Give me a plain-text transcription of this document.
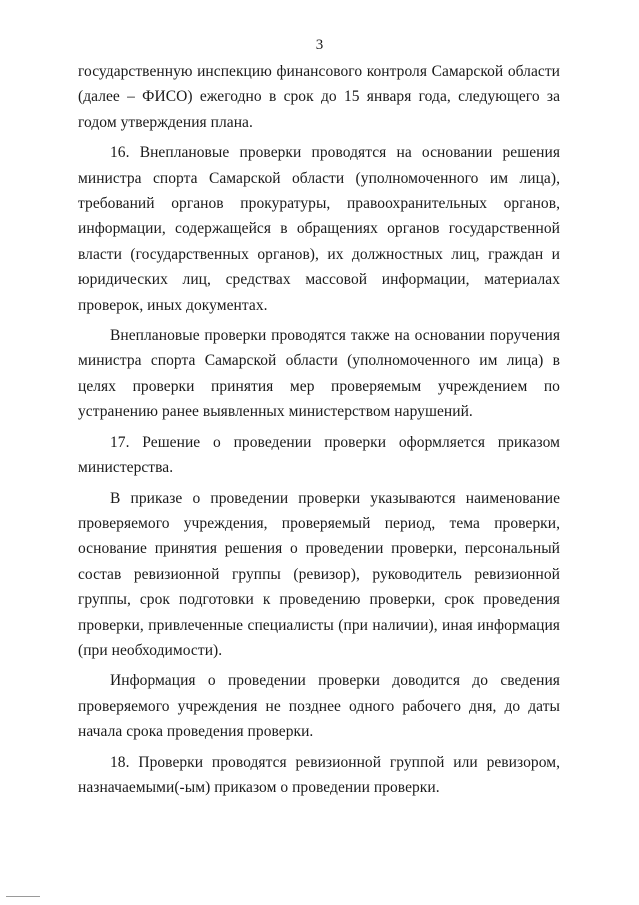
3

государственную инспекцию финансового контроля Самарской области (далее – ФИСО) ежегодно в срок до 15 января года, следующего за годом утверждения плана.

16. Внеплановые проверки проводятся на основании решения министра спорта Самарской области (уполномоченного им лица), требований органов прокуратуры, правоохранительных органов, информации, содержащейся в обращениях органов государственной власти (государственных органов), их должностных лиц, граждан и юридических лиц, средствах массовой информации, материалах проверок, иных документах.

Внеплановые проверки проводятся также на основании поручения министра спорта Самарской области (уполномоченного им лица) в целях проверки принятия мер проверяемым учреждением по устранению ранее выявленных министерством нарушений.

17. Решение о проведении проверки оформляется приказом министерства.

В приказе о проведении проверки указываются наименование проверяемого учреждения, проверяемый период, тема проверки, основание принятия решения о проведении проверки, персональный состав ревизионной группы (ревизор), руководитель ревизионной группы, срок подготовки к проведению проверки, срок проведения проверки, привлеченные специалисты (при наличии), иная информация (при необходимости).

Информация о проведении проверки доводится до сведения проверяемого учреждения не позднее одного рабочего дня, до даты начала срока проведения проверки.

18. Проверки проводятся ревизионной группой или ревизором, назначаемыми(-ым) приказом о проведении проверки.
